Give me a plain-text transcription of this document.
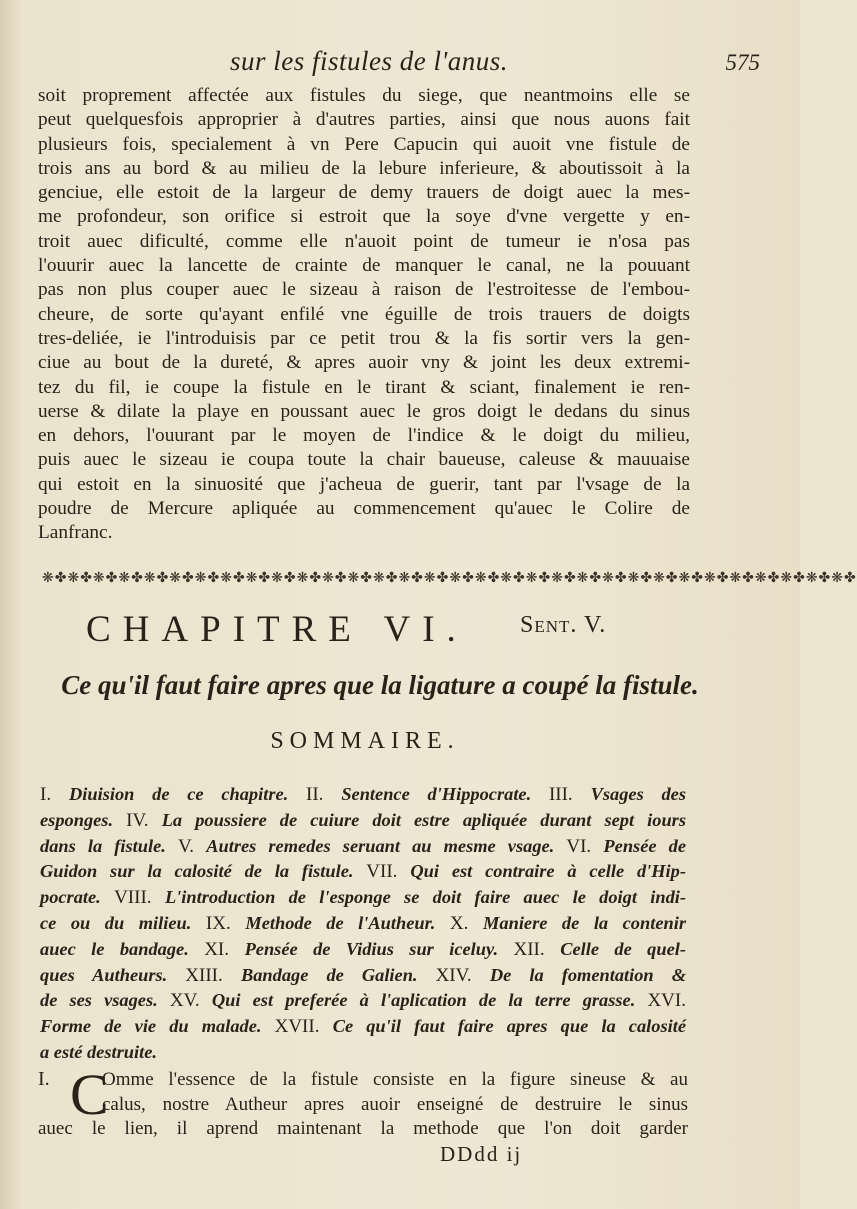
sur les fistules de l'anus.	575
soit proprement affectée aux fistules du siege, que neantmoins elle se
peut quelquesfois approprier à d'autres parties, ainsi que nous auons fait
plusieurs fois, specialement à vn Pere Capucin qui auoit vne fistule de
trois ans au bord & au milieu de la lebure inferieure, & aboutissoit à la
genciue, elle estoit de la largeur de demy trauers de doigt auec la mes-
me profondeur, son orifice si estroit que la soye d'vne vergette y en-
troit auec dificulté, comme elle n'auoit point de tumeur ie n'osa pas
l'ouurir auec la lancette de crainte de manquer le canal, ne la pouuant
pas non plus couper auec le sizeau à raison de l'estroitesse de l'embou-
cheure, de sorte qu'ayant enfilé vne éguille de trois trauers de doigts
tres-deliée, ie l'introduisis par ce petit trou & la fis sortir vers la gen-
ciue au bout de la dureté, & apres auoir vny & joint les deux extremi-
tez du fil, ie coupe la fistule en le tirant & sciant, finalement ie ren-
uerse & dilate la playe en poussant auec le gros doigt le dedans du sinus
en dehors, l'ouurant par le moyen de l'indice & le doigt du milieu,
puis auec le sizeau ie coupa toute la chair baueuse, caleuse & mauuaise
qui estoit en la sinuosité que j'acheua de guerir, tant par l'vsage de la
poudre de Mercure apliquée au commencement qu'auec le Colire de
Lanfranc.
❋✤❋✤❋✤❋✤❋✤❋✤❋✤❋✤❋✤❋✤❋✤❋✤❋✤❋✤❋✤❋✤❋✤❋✤❋✤❋✤❋✤❋✤❋✤❋✤❋✤❋✤❋✤❋✤❋✤❋✤❋✤❋✤
CHAPITRE VI. Sent. V.
Ce qu'il faut faire apres que la ligature a coupé la fistule.
SOMMAIRE.
I. Diuision de ce chapitre. II. Sentence d'Hippocrate. III. Vsages des
esponges. IV. La poussiere de cuiure doit estre apliquée durant sept iours
dans la fistule. V. Autres remedes seruant au mesme vsage. VI. Pensée de
Guidon sur la calosité de la fistule. VII. Qui est contraire à celle d'Hip-
pocrate. VIII. L'introduction de l'esponge se doit faire auec le doigt indi-
ce ou du milieu. IX. Methode de l'Autheur. X. Maniere de la contenir
auec le bandage. XI. Pensée de Vidius sur iceluy. XII. Celle de quel-
ques Autheurs. XIII. Bandage de Galien. XIV. De la fomentation &
de ses vsages. XV. Qui est preferée à l'aplication de la terre grasse. XVI.
Forme de vie du malade. XVII. Ce qu'il faut faire apres que la calosité
a esté destruite.
I. C
Omme l'essence de la fistule consiste en la figure sineuse & au
calus, nostre Autheur apres auoir enseigné de destruire le sinus
auec le lien, il aprend maintenant la methode que l'on doit garder
DDdd ij
